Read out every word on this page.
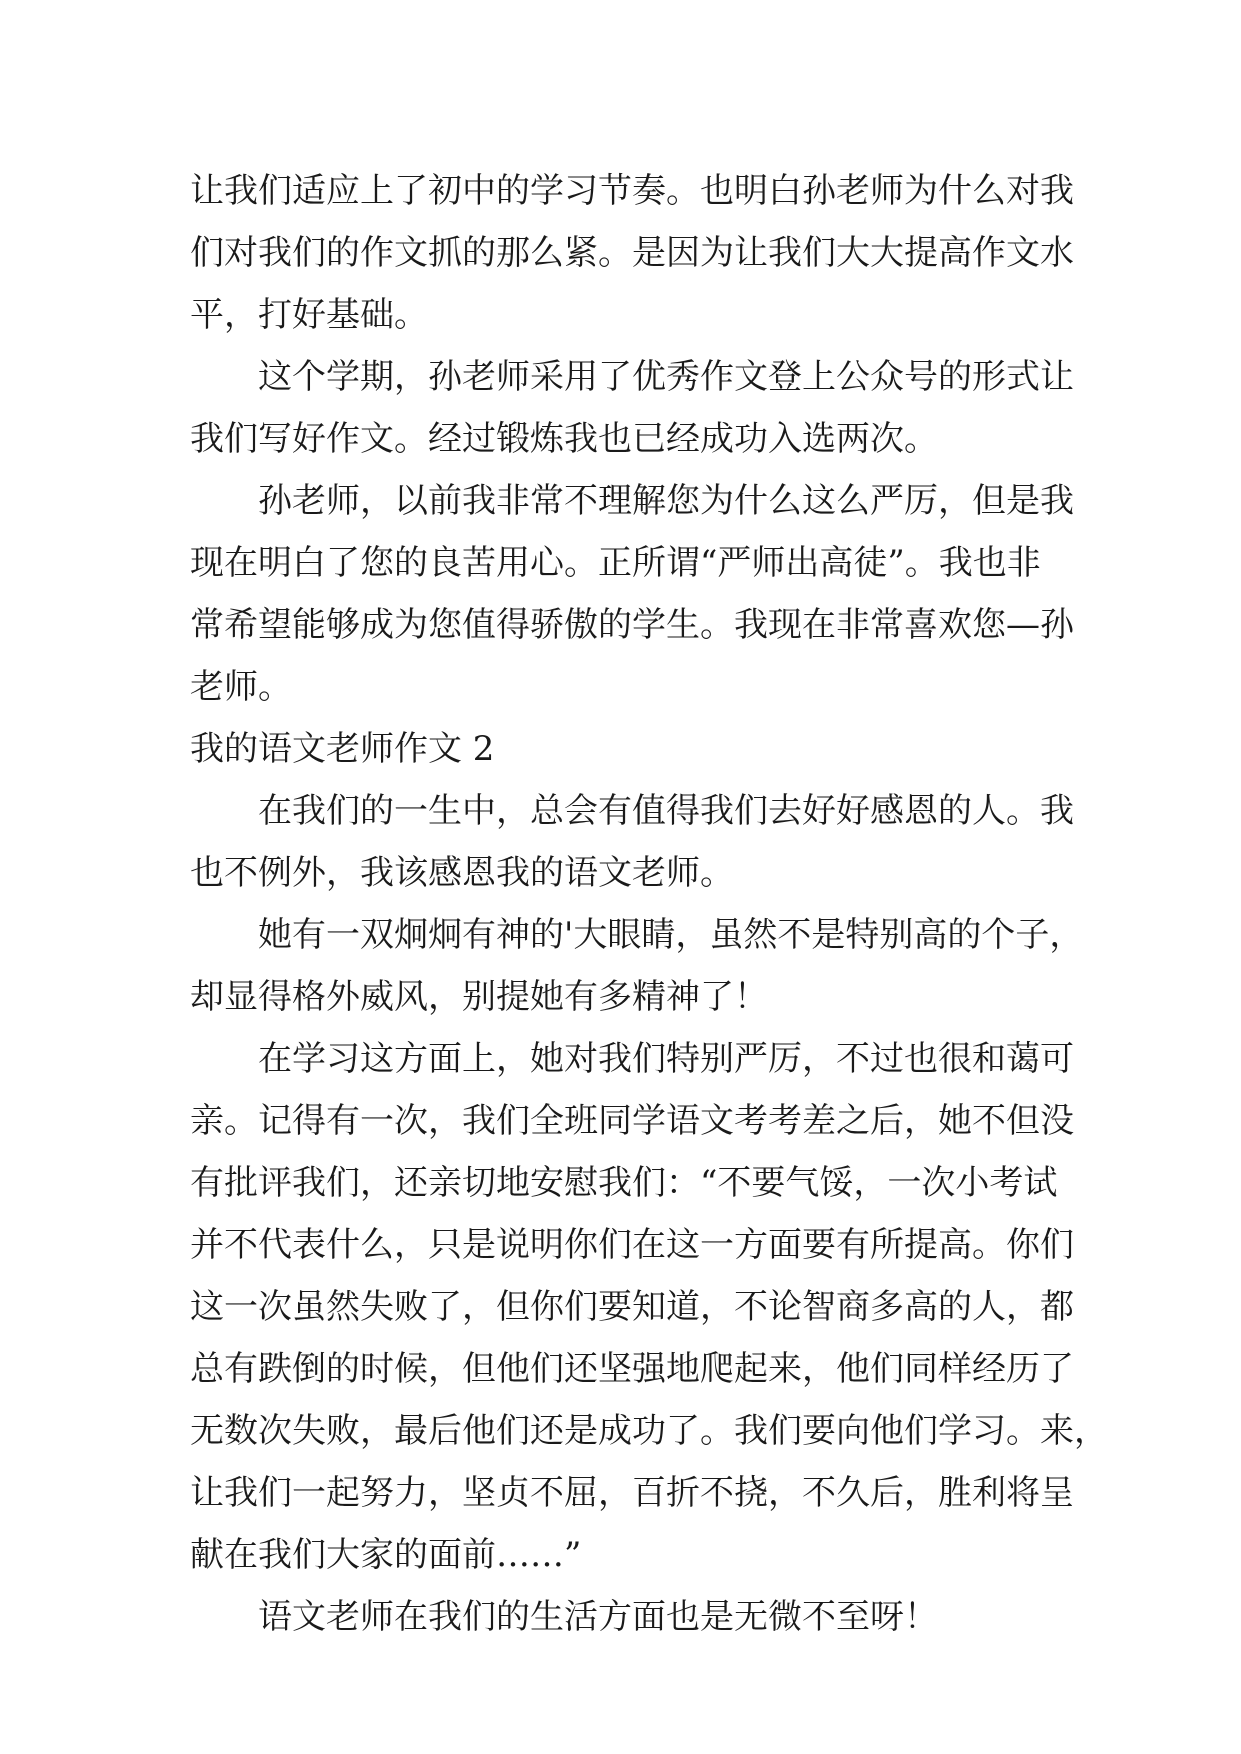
让我们适应上了初中的学习节奏。也明白孙老师为什么对我
们对我们的作文抓的那么紧。是因为让我们大大提高作文水
平，打好基础。
这个学期，孙老师采用了优秀作文登上公众号的形式让
我们写好作文。经过锻炼我也已经成功入选两次。
孙老师，以前我非常不理解您为什么这么严厉，但是我
现在明白了您的良苦用心。正所谓“严师出高徒”。我也非
常希望能够成为您值得骄傲的学生。我现在非常喜欢您—孙
老师。
我的语文老师作文 2
在我们的一生中，总会有值得我们去好好感恩的人。我
也不例外，我该感恩我的语文老师。
她有一双炯炯有神的'大眼睛，虽然不是特别高的个子，
却显得格外威风，别提她有多精神了！
在学习这方面上，她对我们特别严厉，不过也很和蔼可
亲。记得有一次，我们全班同学语文考考差之后，她不但没
有批评我们，还亲切地安慰我们：“不要气馁，一次小考试
并不代表什么，只是说明你们在这一方面要有所提高。你们
这一次虽然失败了，但你们要知道，不论智商多高的人，都
总有跌倒的时候，但他们还坚强地爬起来，他们同样经历了
无数次失败，最后他们还是成功了。我们要向他们学习。来，
让我们一起努力，坚贞不屈，百折不挠，不久后，胜利将呈
献在我们大家的面前……”
语文老师在我们的生活方面也是无微不至呀！
